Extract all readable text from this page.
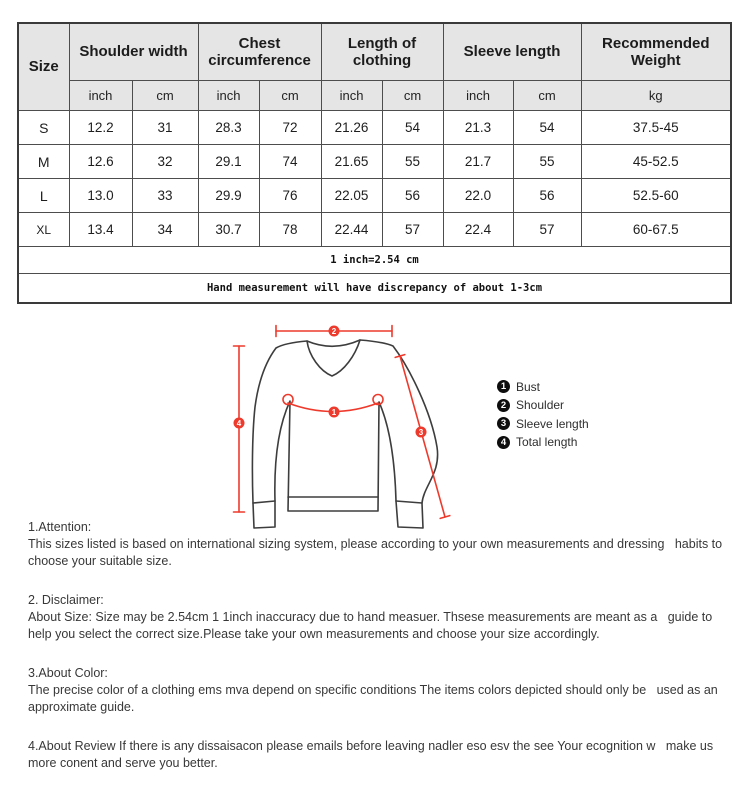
Size	Shoulder width		Chest circumference		Length of clothing		Sleeve length		Recommended Weight
	inch	cm	inch	cm	inch	cm	inch	cm	kg
S	12.2	31	28.3	72	21.26	54	21.3	54	37.5-45
M	12.6	32	29.1	74	21.65	55	21.7	55	45-52.5
L	13.0	33	29.9	76	22.05	56	22.0	56	52.5-60
XL	13.4	34	30.7	78	22.44	57	22.4	57	60-67.5
1 inch=2.54 cm									
Hand measurement will have discrepancy of about 1-3cm									
2
4
3
1
1 Bust
2 Shoulder
3 Sleeve length
4 Total length
1.Attention:
This sizes listed is based on international sizing system, please according to your own measurements and dressing   habits to choose your suitable size.
2. Disclaimer:
About Size: Size may be 2.54cm 1 1inch inaccuracy due to hand measuer. Thsese measurements are meant as a   guide to help you select the correct size.Please take your own measurements and choose your size accordingly.
3.About Color:
The precise color of a clothing ems mva depend on specific conditions The items colors depicted should only be   used as an approximate guide.
4.About Review If there is any dissaisacon please emails before leaving nadler eso esv the see Your ecognition w   make us more conent and serve you better.
